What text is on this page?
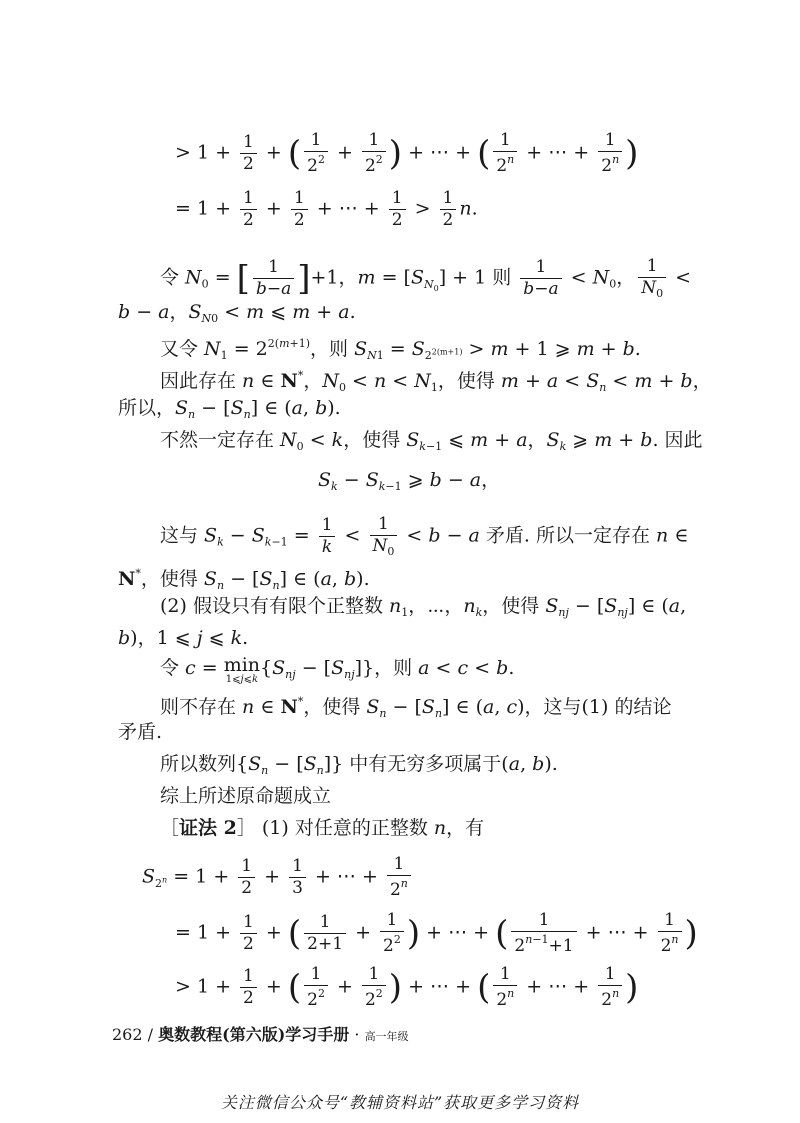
> $1 + \frac{1}{2}$ + ( $\frac{1}{2^2} + \frac{1}{2^2}$ ) + ⋯ + ( $\frac{1}{2^n}$ + ⋯ + $\frac{1}{2^n}$ )
= $1 + \frac{1}{2} + \frac{1}{2}$ + ⋯ + $\frac{1}{2} > \frac{1}{2} n$.
令 $N_0$ = [ $\frac{1}{b-a} ]+1$，$m = [S_{N_0}] + 1$ 则 $\frac{1}{b-a} < N_0$， $\frac{1}{N_0}$ <
b − a，$S_{N0} < m$ ⩽ m + a.
又令 $N_1 = 2^{2(m+1)}$，则 $S_{N1} = S_{2^{2(m+1)}} > m + 1$ ⩾ m + b.
因此存在 n ∈ N*，$N_0 < n < N_1$，使得 $m + a < S_n < m + b$，
所以，$S_n - [S_n]$ ∈ (a, b).
不然一定存在 $N_0 < k$，使得 $S_{k-1}$ ⩽ m + a，$S_k$ ⩾ m + b. 因此
$S_k - S_{k-1}$ ⩾ b − a，
这与 $S_k - S_{k-1} = \frac{1}{k} < \frac{1}{N_0} < b - a$ 矛盾. 所以一定存在 n ∈
N*，使得 $S_n - [S_n]$ ∈ (a, b).
(2) 假设只有有限个正整数 $n_1$，⋯，$n_k$，使得 $S_{nj} - [S_{nj}]$ ∈ (a,
b)，1 ⩽ j ⩽ k.
令 c = min
1⩽j⩽k
$\{S_{nj} - [S_{nj}]\}$，则 a < c < b.
则不存在 n ∈ N*，使得 $S_n - [S_n]$ ∈ (a, c)，这与(1) 的结论
矛盾.
所以数列$\{S_n - [S_n]\}$ 中有无穷多项属于(a, b).
综上所述原命题成立
［证法 2］ (1) 对任意的正整数 n，有
$S_{2^n} = 1 + \frac{1}{2} + \frac{1}{3}$ + ⋯ + $\frac{1}{2^n}$
= $1 + \frac{1}{2}$ + ( $\frac{1}{2+1} + \frac{1}{2^2}$ ) + ⋯ + ( $\frac{1}{2^{n-1}+1}$ + ⋯ + $\frac{1}{2^n}$ )
> $1 + \frac{1}{2}$ + ( $\frac{1}{2^2} + \frac{1}{2^2}$ ) + ⋯ + ( $\frac{1}{2^n}$ + ⋯ + $\frac{1}{2^n}$ )
262 / 奥数教程(第六版)学习手册 · 高一年级
关注微信公众号“教辅资料站”获取更多学习资料
